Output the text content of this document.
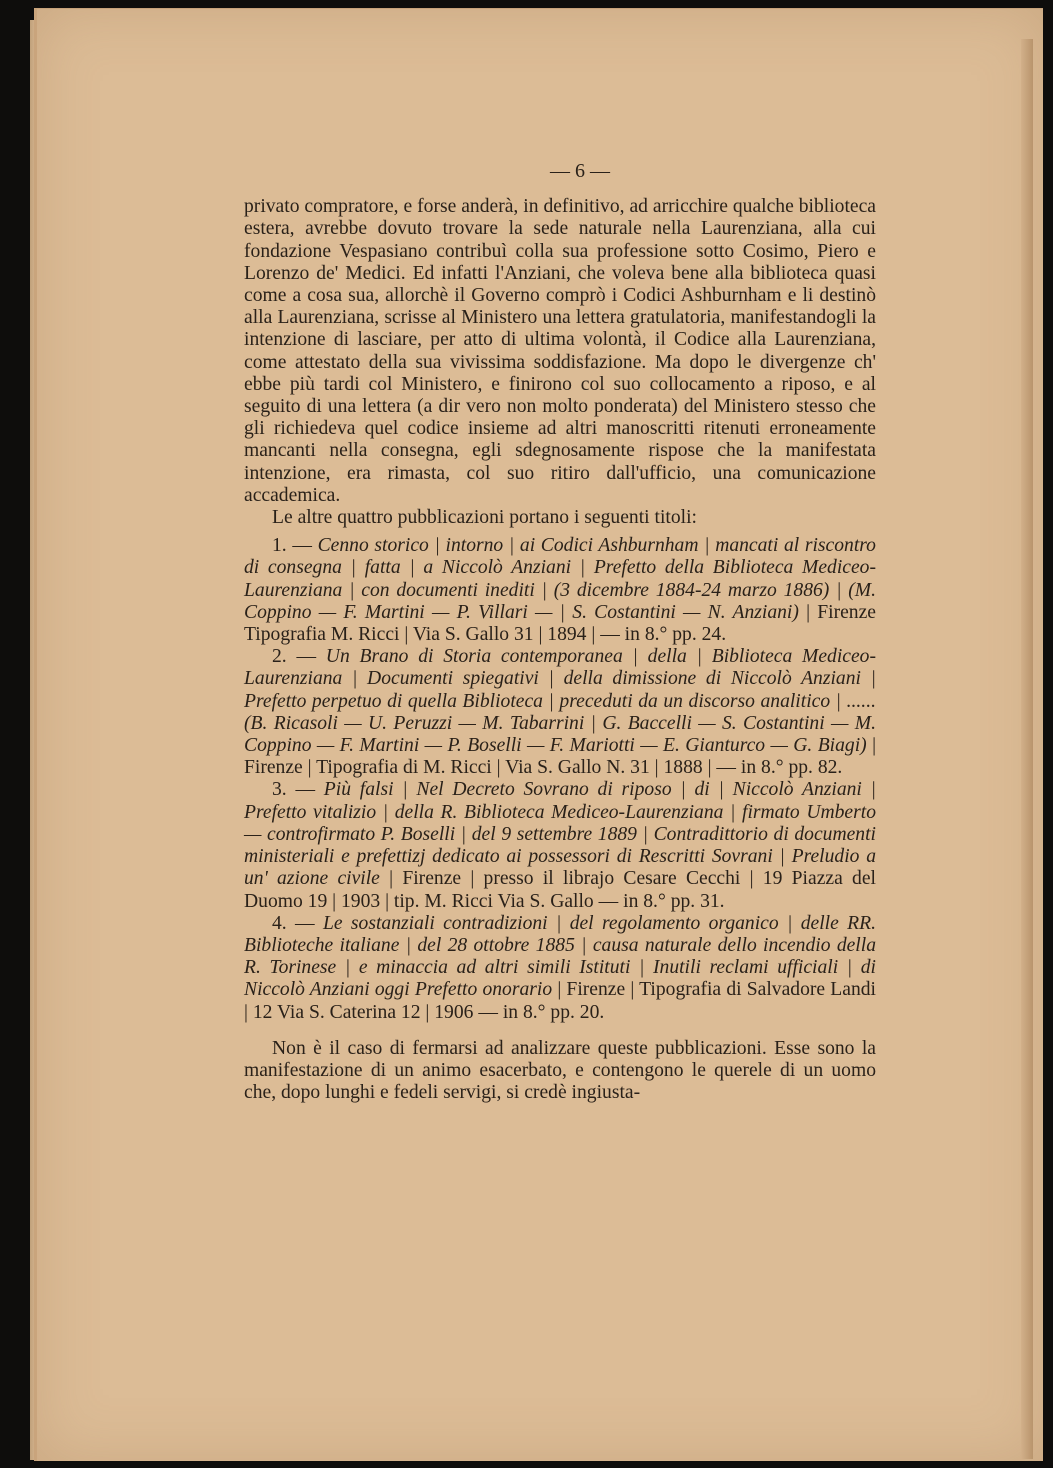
— 6 —

privato compratore, e forse anderà, in definitivo, ad arricchire qualche biblioteca estera, avrebbe dovuto trovare la sede naturale nella Laurenziana, alla cui fondazione Vespasiano contribuì colla sua professione sotto Cosimo, Piero e Lorenzo de' Medici. Ed infatti l'Anziani, che voleva bene alla biblioteca quasi come a cosa sua, allorchè il Governo comprò i Codici Ashburnham e li destinò alla Laurenziana, scrisse al Ministero una lettera gratulatoria, manifestandogli la intenzione di lasciare, per atto di ultima volontà, il Codice alla Laurenziana, come attestato della sua vivissima soddisfazione. Ma dopo le divergenze ch' ebbe più tardi col Ministero, e finirono col suo collocamento a riposo, e al seguito di una lettera (a dir vero non molto ponderata) del Ministero stesso che gli richiedeva quel codice insieme ad altri manoscritti ritenuti erroneamente mancanti nella consegna, egli sdegnosamente rispose che la manifestata intenzione, era rimasta, col suo ritiro dall'ufficio, una comunicazione accademica.

Le altre quattro pubblicazioni portano i seguenti titoli:

1. — Cenno storico | intorno | ai Codici Ashburnham | mancati al riscontro di consegna | fatta | a Niccolò Anziani | Prefetto della Biblioteca Mediceo-Laurenziana | con documenti inediti | (3 dicembre 1884-24 marzo 1886) | (M. Coppino — F. Martini — P. Villari — | S. Costantini — N. Anziani) | Firenze Tipografia M. Ricci | Via S. Gallo 31 | 1894 | — in 8.° pp. 24.

2. — Un Brano di Storia contemporanea | della | Biblioteca Mediceo-Laurenziana | Documenti spiegativi | della dimissione di Niccolò Anziani | Prefetto perpetuo di quella Biblioteca | preceduti da un discorso analitico | ...... (B. Ricasoli — U. Peruzzi — M. Tabarrini | G. Baccelli — S. Costantini — M. Coppino — F. Martini — P. Boselli — F. Mariotti — E. Gianturco — G. Biagi) | Firenze | Tipografia di M. Ricci | Via S. Gallo N. 31 | 1888 | — in 8.° pp. 82.

3. — Più falsi | Nel Decreto Sovrano di riposo | di | Niccolò Anziani | Prefetto vitalizio | della R. Biblioteca Mediceo-Laurenziana | firmato Umberto — controfirmato P. Boselli | del 9 settembre 1889 | Contradittorio di documenti ministeriali e prefettizj dedicato ai possessori di Rescritti Sovrani | Preludio a un' azione civile | Firenze | presso il librajo Cesare Cecchi | 19 Piazza del Duomo 19 | 1903 | tip. M. Ricci Via S. Gallo — in 8.° pp. 31.

4. — Le sostanziali contradizioni | del regolamento organico | delle RR. Biblioteche italiane | del 28 ottobre 1885 | causa naturale dello incendio della R. Torinese | e minaccia ad altri simili Istituti | Inutili reclami ufficiali | di Niccolò Anziani oggi Prefetto onorario | Firenze | Tipografia di Salvadore Landi | 12 Via S. Caterina 12 | 1906 — in 8.° pp. 20.

Non è il caso di fermarsi ad analizzare queste pubblicazioni. Esse sono la manifestazione di un animo esacerbato, e contengono le querele di un uomo che, dopo lunghi e fedeli servigi, si credè ingiusta-
